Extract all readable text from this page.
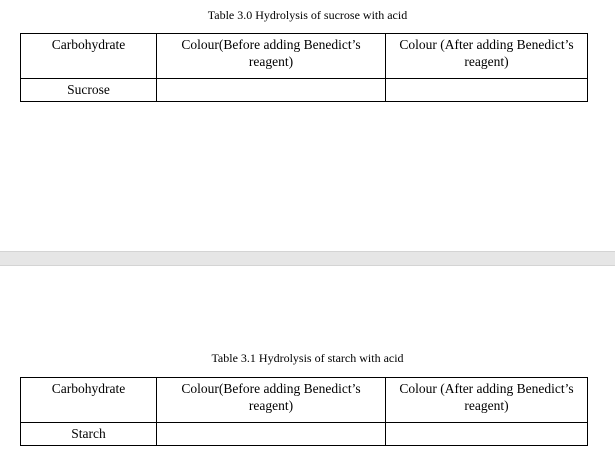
Table 3.0 Hydrolysis of sucrose with acid
Carbohydrate	Colour(Before adding Benedict’s reagent)	Colour (After adding Benedict’s reagent)
Sucrose		
Table 3.1 Hydrolysis of starch with acid
Carbohydrate	Colour(Before adding Benedict’s reagent)	Colour (After adding Benedict’s reagent)
Starch		
